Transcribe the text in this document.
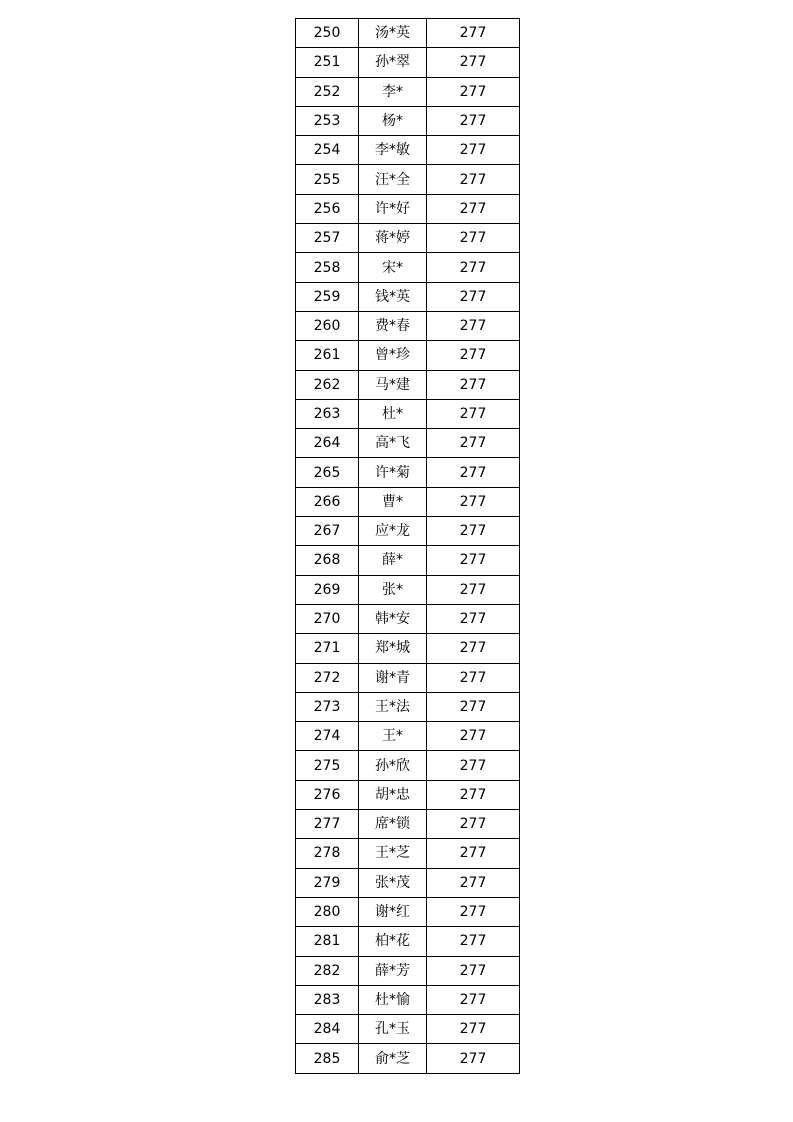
250	汤*英	277
251	孙*翠	277
252	李*	277
253	杨*	277
254	李*敏	277
255	汪*全	277
256	许*好	277
257	蒋*婷	277
258	宋*	277
259	钱*英	277
260	费*春	277
261	曾*珍	277
262	马*建	277
263	杜*	277
264	高*飞	277
265	许*菊	277
266	曹*	277
267	应*龙	277
268	薛*	277
269	张*	277
270	韩*安	277
271	郑*城	277
272	谢*青	277
273	王*法	277
274	王*	277
275	孙*欣	277
276	胡*忠	277
277	席*锁	277
278	王*芝	277
279	张*茂	277
280	谢*红	277
281	柏*花	277
282	薛*芳	277
283	杜*愉	277
284	孔*玉	277
285	俞*芝	277
